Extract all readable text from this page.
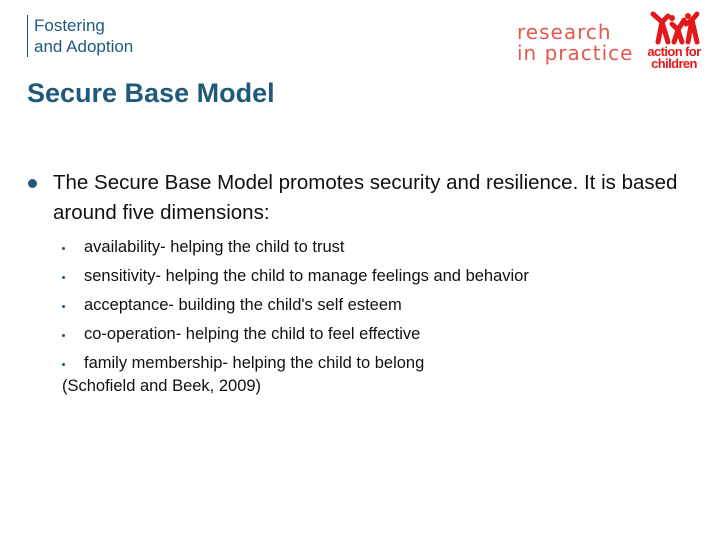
Fostering
and Adoption
research
in practice action for
children
Secure Base Model
The Secure Base Model promotes security and resilience. It is based around five dimensions:
availability- helping the child to trust
sensitivity- helping the child to manage feelings and behavior
acceptance- building the child's self esteem
co-operation- helping the child to feel effective
family membership- helping the child to belong
(Schofield and Beek, 2009)
